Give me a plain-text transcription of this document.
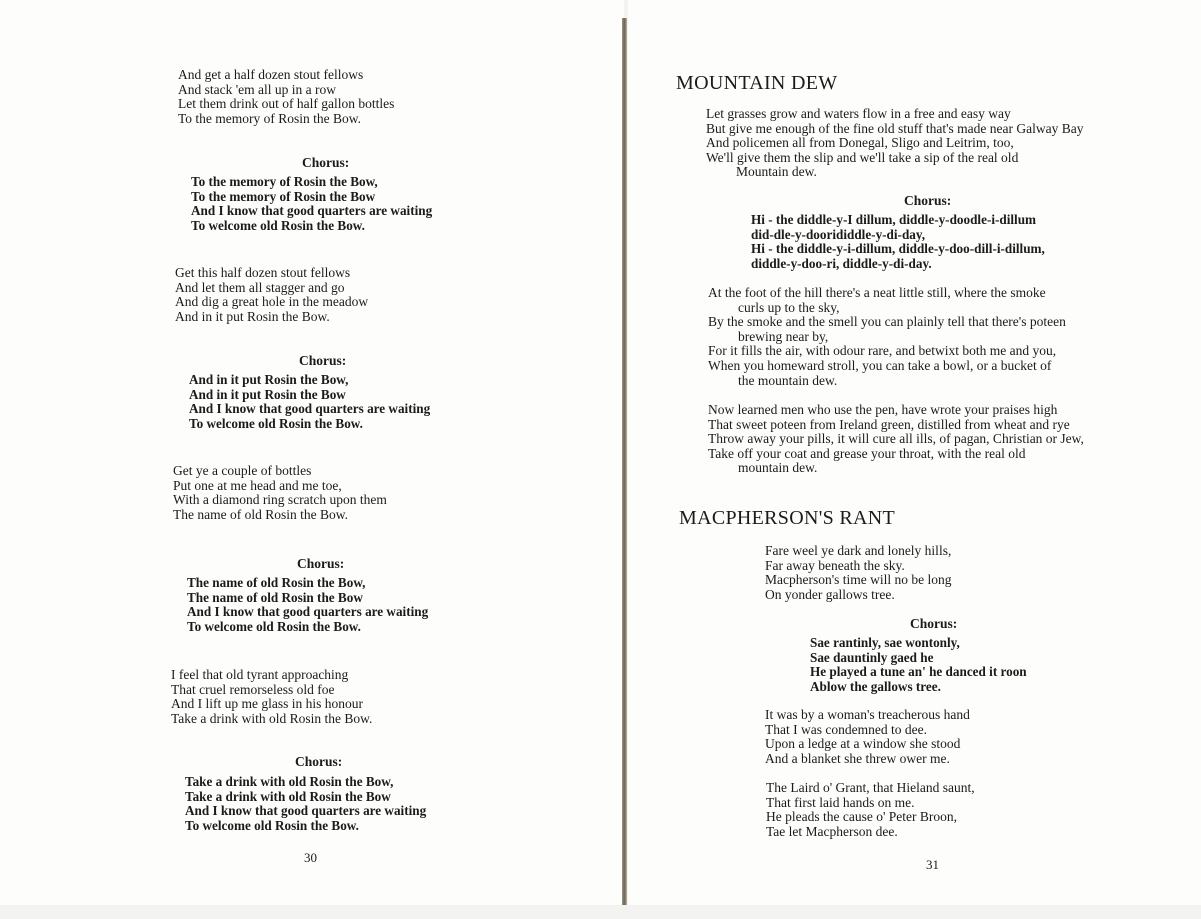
And get a half dozen stout fellows
And stack 'em all up in a row
Let them drink out of half gallon bottles
To the memory of Rosin the Bow.

Chorus:

To the memory of Rosin the Bow,
To the memory of Rosin the Bow
And I know that good quarters are waiting
To welcome old Rosin the Bow.
Get this half dozen stout fellows
And let them all stagger and go
And dig a great hole in the meadow
And in it put Rosin the Bow.

Chorus:

And in it put Rosin the Bow,
And in it put Rosin the Bow
And I know that good quarters are waiting
To welcome old Rosin the Bow.
Get ye a couple of bottles
Put one at me head and me toe,
With a diamond ring scratch upon them
The name of old Rosin the Bow.

Chorus:

The name of old Rosin the Bow,
The name of old Rosin the Bow
And I know that good quarters are waiting
To welcome old Rosin the Bow.
I feel that old tyrant approaching
That cruel remorseless old foe
And I lift up me glass in his honour
Take a drink with old Rosin the Bow.

Chorus:

Take a drink with old Rosin the Bow,
Take a drink with old Rosin the Bow
And I know that good quarters are waiting
To welcome old Rosin the Bow.

30

MOUNTAIN DEW
Let grasses grow and waters flow in a free and easy way
But give me enough of the fine old stuff that's made near Galway Bay
And policemen all from Donegal, Sligo and Leitrim, too,
We'll give them the slip and we'll take a sip of the real old
Mountain dew.

Chorus:

Hi - the diddle-y-I dillum, diddle-y-doodle-i-dillum
did-dle-y-doorididdle-y-di-day,
Hi - the diddle-y-i-dillum, diddle-y-doo-dill-i-dillum,
diddle-y-doo-ri, diddle-y-di-day.
At the foot of the hill there's a neat little still, where the smoke
curls up to the sky,
By the smoke and the smell you can plainly tell that there's poteen
brewing near by,
For it fills the air, with odour rare, and betwixt both me and you,
When you homeward stroll, you can take a bowl, or a bucket of
the mountain dew.
Now learned men who use the pen, have wrote your praises high
That sweet poteen from Ireland green, distilled from wheat and rye
Throw away your pills, it will cure all ills, of pagan, Christian or Jew,
Take off your coat and grease your throat, with the real old
mountain dew.
MACPHERSON'S RANT
Fare weel ye dark and lonely hills,
Far away beneath the sky.
Macpherson's time will no be long
On yonder gallows tree.

Chorus:

Sae rantinly, sae wontonly,
Sae dauntinly gaed he
He played a tune an' he danced it roon
Ablow the gallows tree.
It was by a woman's treacherous hand
That I was condemned to dee.
Upon a ledge at a window she stood
And a blanket she threw ower me.
The Laird o' Grant, that Hieland saunt,
That first laid hands on me.
He pleads the cause o' Peter Broon,
Tae let Macpherson dee.

31
